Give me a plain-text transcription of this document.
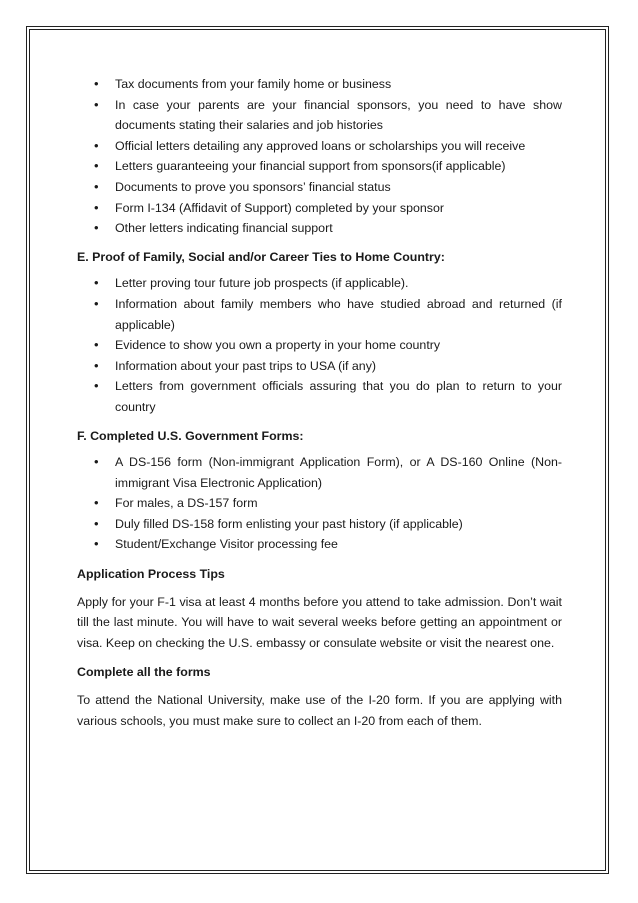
• Tax documents from your family home or business
• In case your parents are your financial sponsors, you need to have show documents stating their salaries and job histories
• Official letters detailing any approved loans or scholarships you will receive
• Letters guaranteeing your financial support from sponsors(if applicable)
• Documents to prove you sponsors’ financial status
• Form I-134 (Affidavit of Support) completed by your sponsor
• Other letters indicating financial support
E. Proof of Family, Social and/or Career Ties to Home Country:
• Letter proving tour future job prospects (if applicable).
• Information about family members who have studied abroad and returned (if applicable)
• Evidence to show you own a property in your home country
• Information about your past trips to USA (if any)
• Letters from government officials assuring that you do plan to return to your country
F. Completed U.S. Government Forms:
• A DS-156 form (Non-immigrant Application Form), or A DS-160 Online (Non-immigrant Visa Electronic Application)
• For males, a DS-157 form
• Duly filled DS-158 form enlisting your past history (if applicable)
• Student/Exchange Visitor processing fee
Application Process Tips

Apply for your F-1 visa at least 4 months before you attend to take admission. Don’t wait till the last minute. You will have to wait several weeks before getting an appointment or visa. Keep on checking the U.S. embassy or consulate website or visit the nearest one.

Complete all the forms

To attend the National University, make use of the I-20 form. If you are applying with various schools, you must make sure to collect an I-20 from each of them.
